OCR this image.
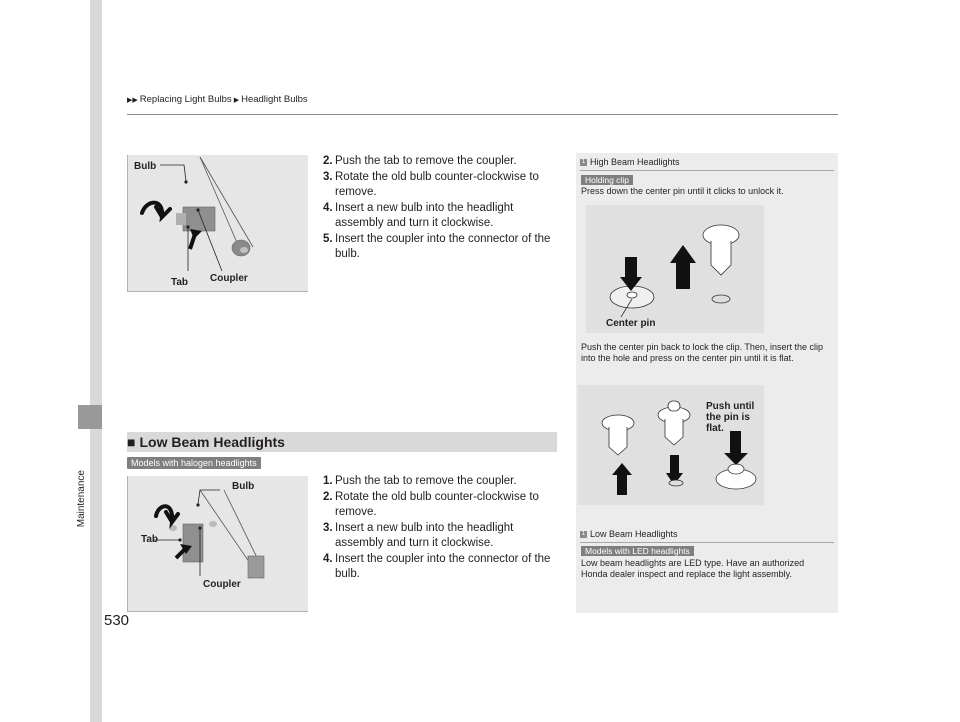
▶▶ Replacing Light Bulbs ▶ Headlight Bulbs
Maintenance
530
Bulb
Tab Coupler

2. Push the tab to remove the coupler.

3. Rotate the old bulb counter-clockwise to remove.

4. Insert a new bulb into the headlight assembly and turn it clockwise.

5. Insert the coupler into the connector of the bulb.

■ Low Beam Headlights
Models with halogen headlights
Bulb
Tab
Coupler

1. Push the tab to remove the coupler.

2. Rotate the old bulb counter-clockwise to remove.

3. Insert a new bulb into the headlight assembly and turn it clockwise.

4. Insert the coupler into the connector of the bulb.

1 High Beam Headlights
Holding clip
Press down the center pin until it clicks to unlock it.
Center pin
Push the center pin back to lock the clip. Then, insert the clip into the hole and press on the center pin until it is flat.
Push until the pin is flat.
1 Low Beam Headlights
Models with LED headlights
Low beam headlights are LED type. Have an authorized Honda dealer inspect and replace the light assembly.
